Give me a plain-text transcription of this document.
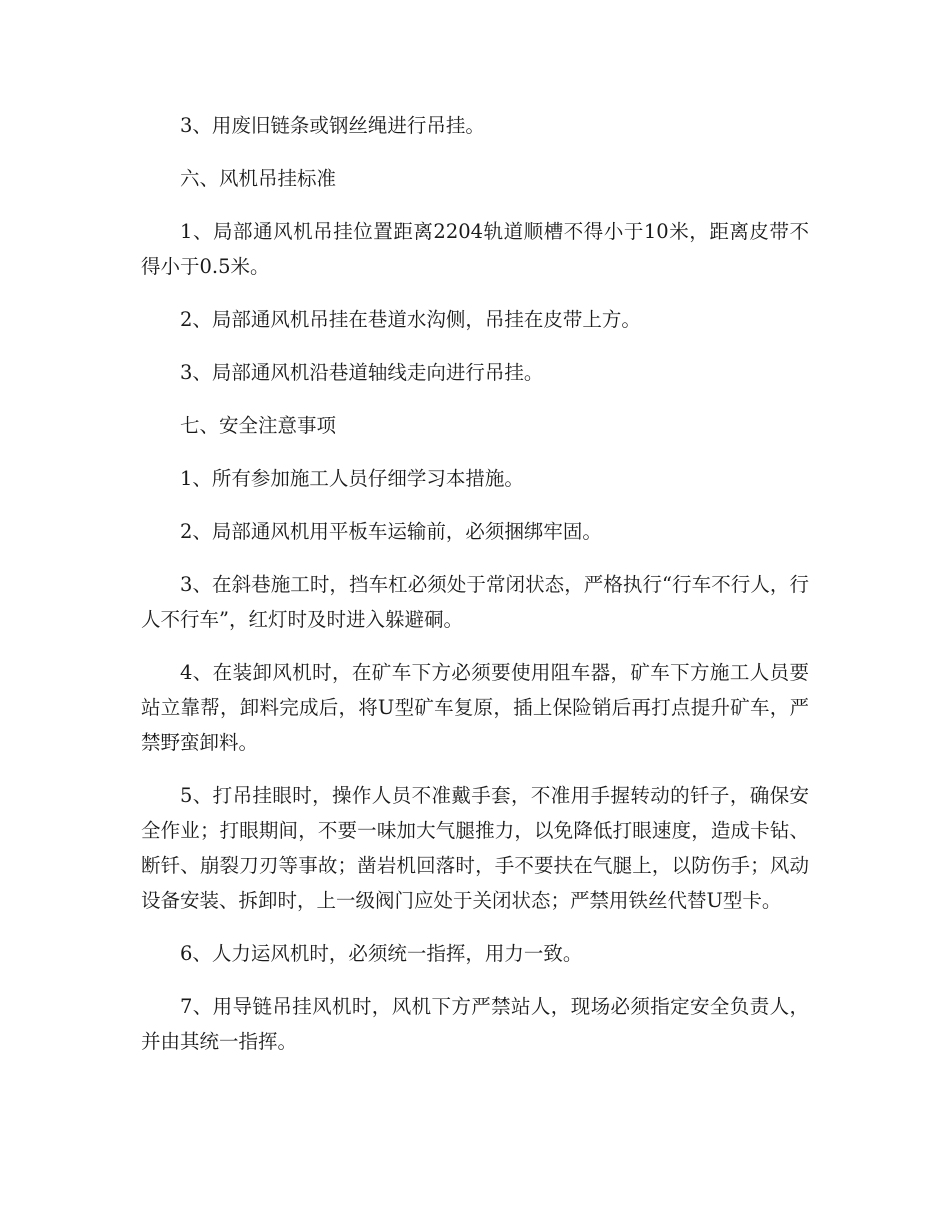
3、用废旧链条或钢丝绳进行吊挂。

六、风机吊挂标准

1、局部通风机吊挂位置距离2204轨道顺槽不得小于10米，距离皮带不得小于0.5米。

2、局部通风机吊挂在巷道水沟侧，吊挂在皮带上方。

3、局部通风机沿巷道轴线走向进行吊挂。

七、安全注意事项

1、所有参加施工人员仔细学习本措施。

2、局部通风机用平板车运输前，必须捆绑牢固。

3、在斜巷施工时，挡车杠必须处于常闭状态，严格执行“行车不行人，行人不行车”，红灯时及时进入躲避硐。

4、在装卸风机时，在矿车下方必须要使用阻车器，矿车下方施工人员要站立靠帮，卸料完成后，将U型矿车复原，插上保险销后再打点提升矿车，严禁野蛮卸料。

5、打吊挂眼时，操作人员不准戴手套，不准用手握转动的钎子，确保安全作业；打眼期间，不要一味加大气腿推力，以免降低打眼速度，造成卡钻、断钎、崩裂刀刃等事故；凿岩机回落时，手不要扶在气腿上，以防伤手；风动设备安装、拆卸时，上一级阀门应处于关闭状态；严禁用铁丝代替U型卡。

6、人力运风机时，必须统一指挥，用力一致。

7、用导链吊挂风机时，风机下方严禁站人，现场必须指定安全负责人，并由其统一指挥。
